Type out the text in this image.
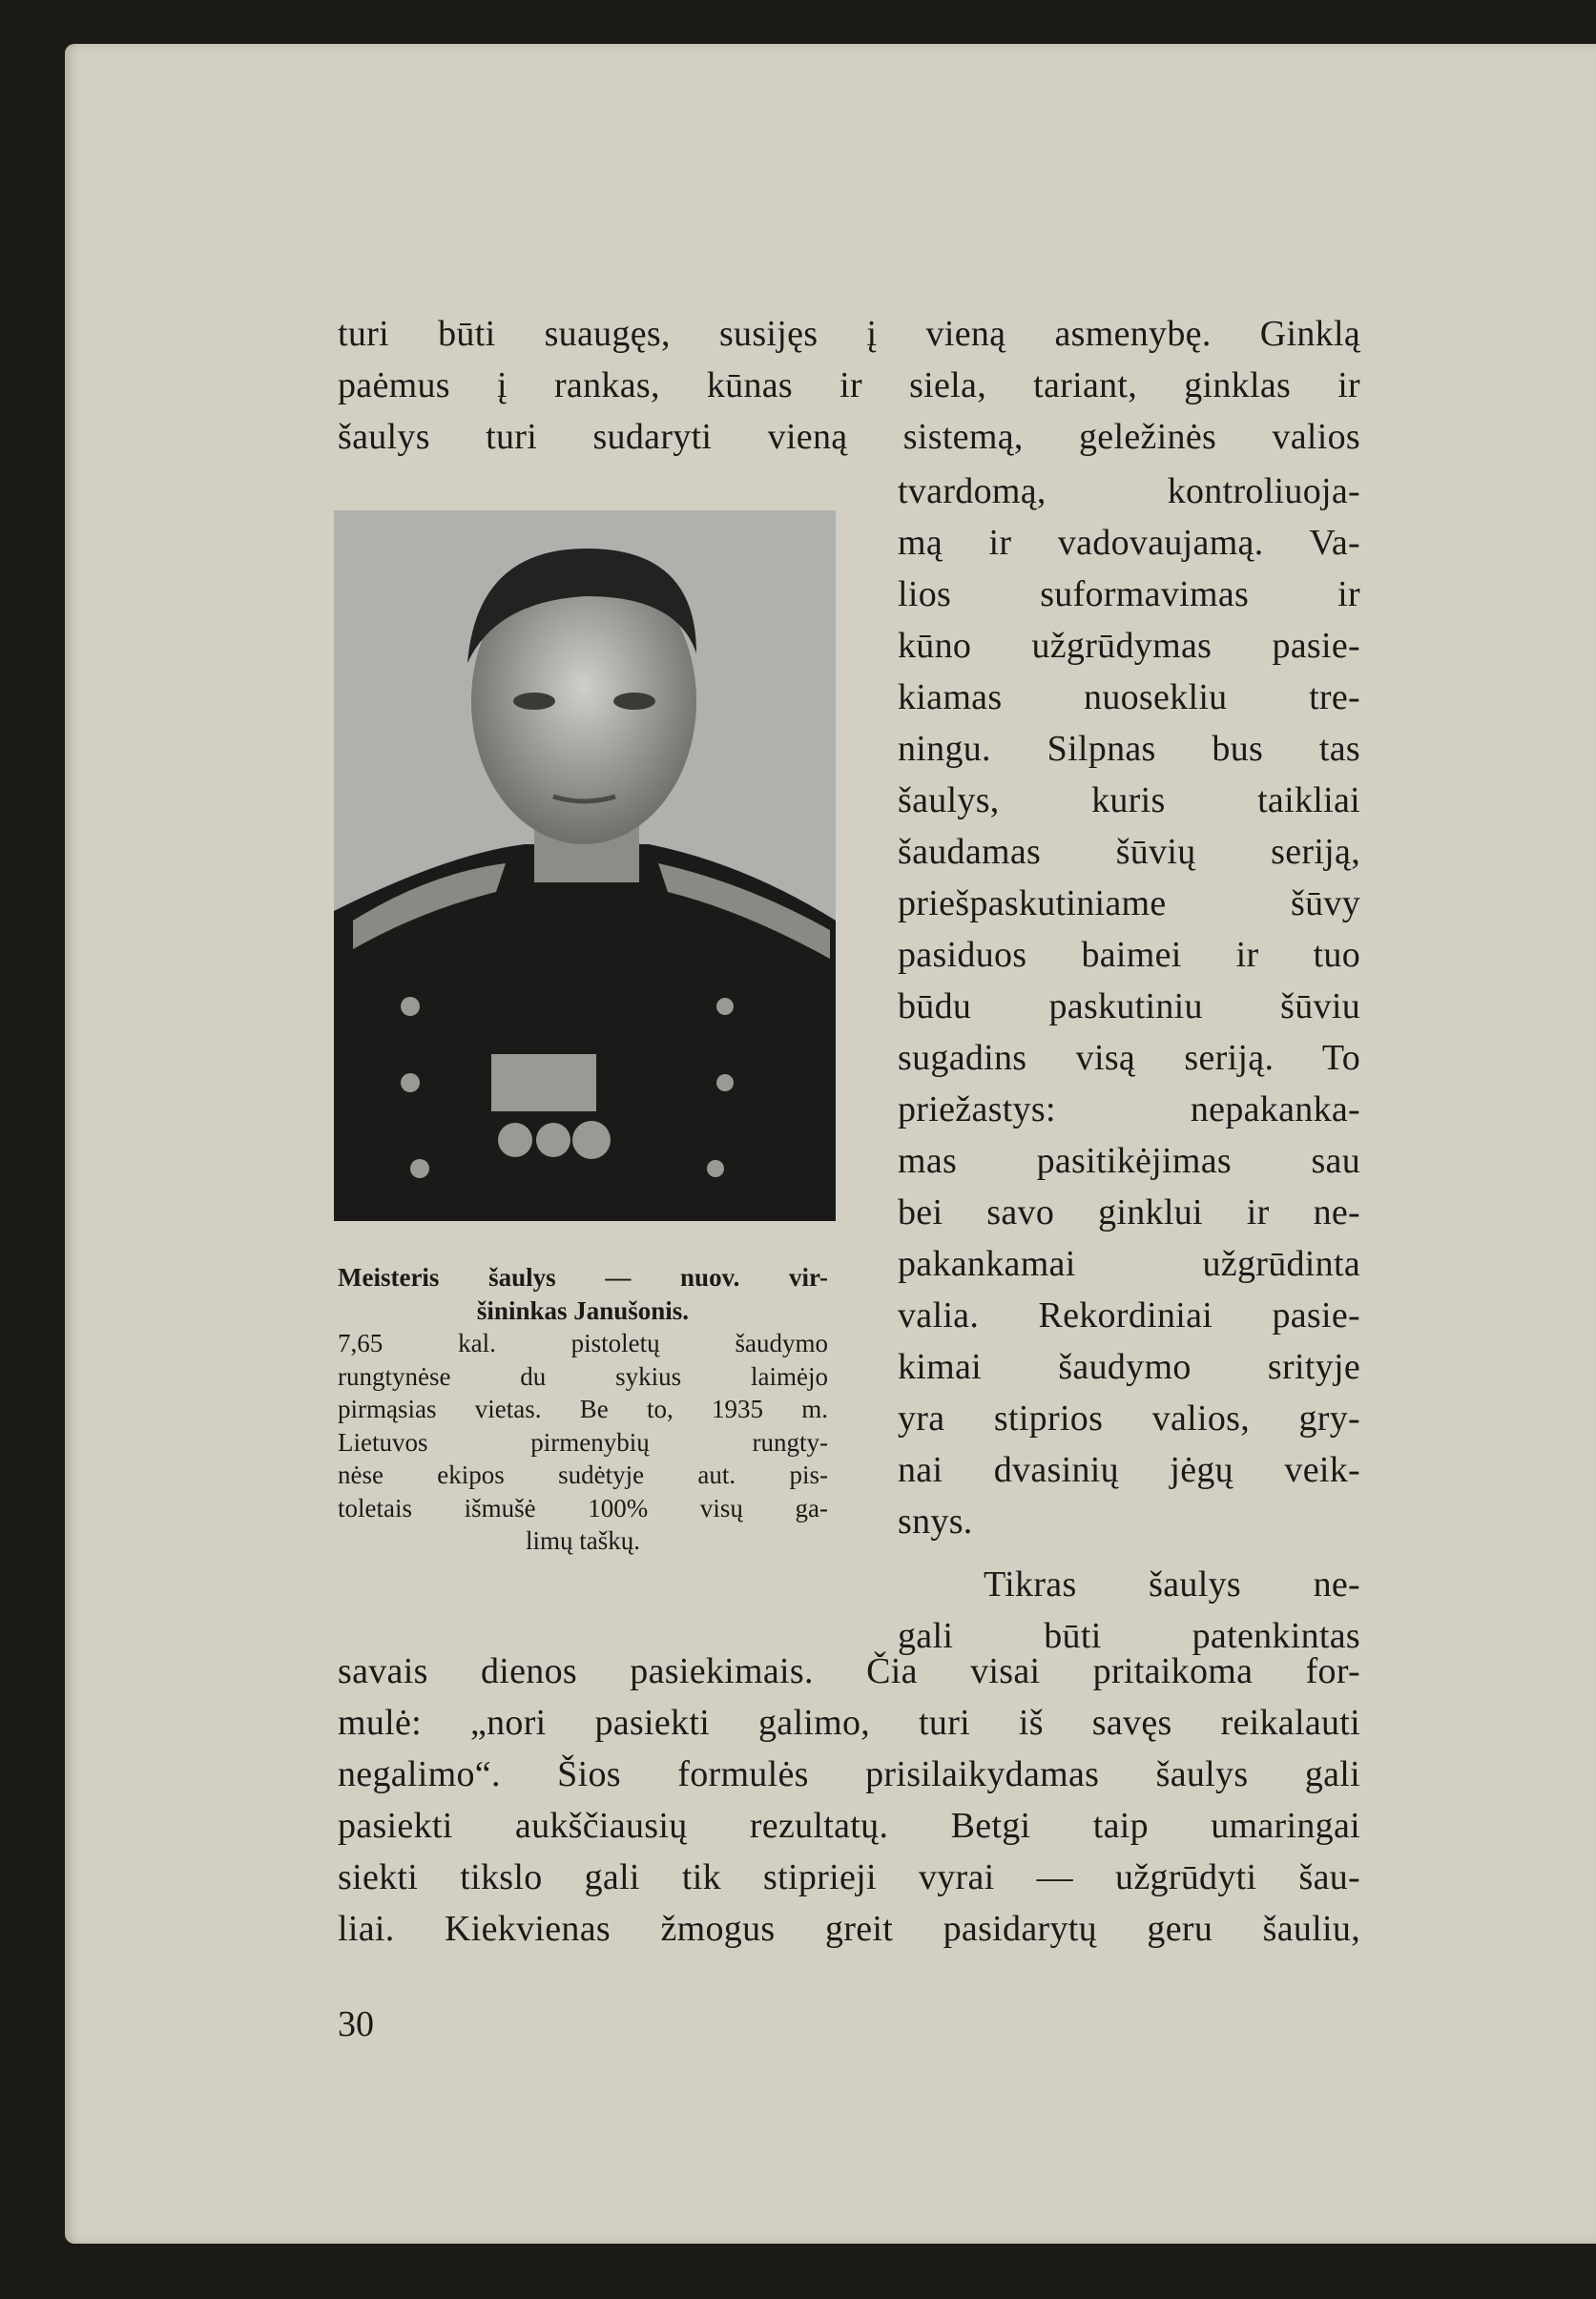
turi būti suaugęs, susijęs į vieną asmenybę. Ginklą
paėmus į rankas, kūnas ir siela, tariant, ginklas ir
šaulys turi sudaryti vieną sistemą, geležinės valios
tvardomą, kontroliuoja-
mą ir vadovaujamą. Va-
lios suformavimas ir
kūno užgrūdymas pasie-
kiamas nuosekliu tre-
ningu. Silpnas bus tas
šaulys, kuris taikliai
šaudamas šūvių seriją,
priešpaskutiniame šūvy
pasiduos baimei ir tuo
būdu paskutiniu šūviu
sugadins visą seriją. To
priežastys: nepakanka-
mas pasitikėjimas sau
bei savo ginklui ir ne-
pakankamai užgrūdinta
valia. Rekordiniai pasie-
kimai šaudymo srityje
yra stiprios valios, gry-
nai dvasinių jėgų veik-
snys.
Tikras šaulys ne-
gali būti patenkintas
Meisteris šaulys — nuov. vir-
šininkas Janušonis.
7,65 kal. pistoletų šaudymo
rungtynėse du sykius laimėjo
pirmąsias vietas. Be to, 1935 m.
Lietuvos pirmenybių rungty-
nėse ekipos sudėtyje aut. pis-
toletais išmušė 100% visų ga-
limų taškų.
savais dienos pasiekimais. Čia visai pritaikoma for-
mulė: „nori pasiekti galimo, turi iš savęs reikalauti
negalimo“. Šios formulės prisilaikydamas šaulys gali
pasiekti aukščiausių rezultatų. Betgi taip umaringai
siekti tikslo gali tik stiprieji vyrai — užgrūdyti šau-
liai. Kiekvienas žmogus greit pasidarytų geru šauliu,
30
